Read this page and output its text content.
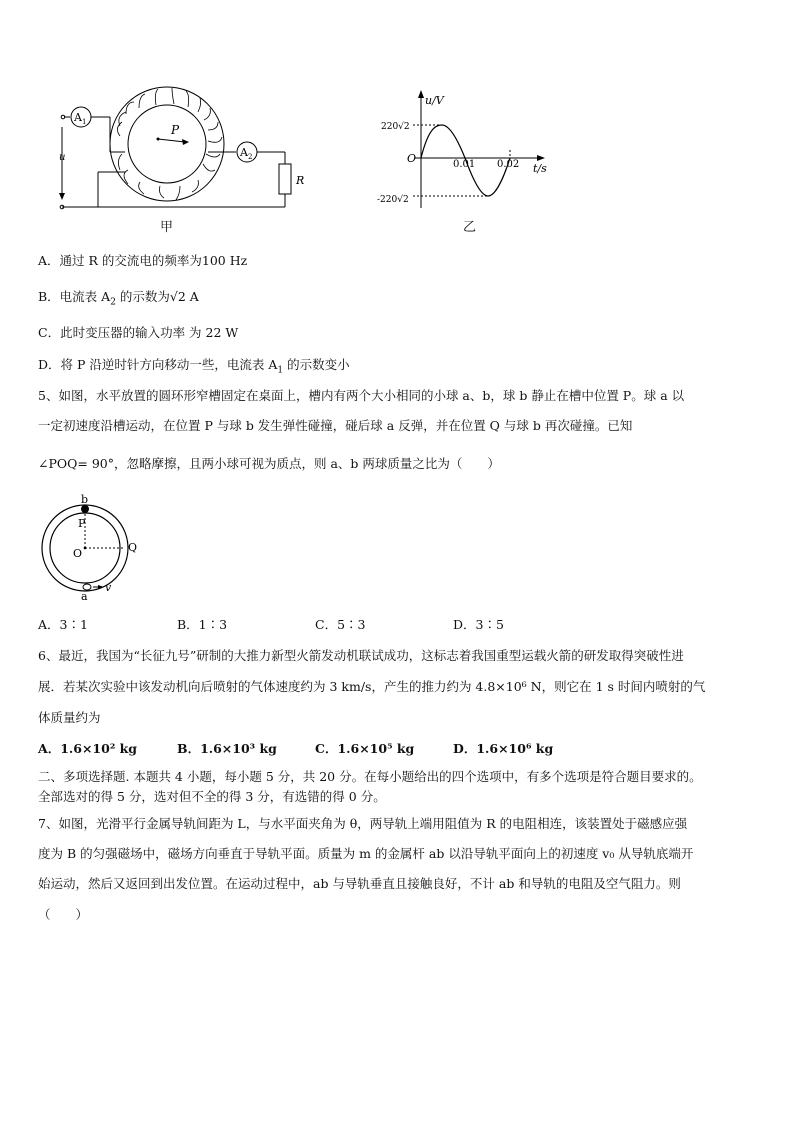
$A_1$
u
P
$A_2$
R
甲
u/V
t/s
O
220√2
-220√2
0.01 0.02
乙
A．通过 R 的交流电的频率为100 Hz
B．电流表 $A_2$ 的示数为√2 A
C．此时变压器的输入功率 为 22 W
D．将 P 沿逆时针方向移动一些，电流表 $A_1$ 的示数变小
5、如图，水平放置的圆环形窄槽固定在桌面上，槽内有两个大小相同的小球 a、b，球 b 静止在槽中位置 P。球 a 以
一定初速度沿槽运动，在位置 P 与球 b 发生弹性碰撞，碰后球 a 反弹，并在位置 Q 与球 b 再次碰撞。已知
∠POQ= 90°，忽略摩擦，且两小球可视为质点，则 a、b 两球质量之比为（　　）
b
P
O	Q
v
a
A．3∶1	B．1∶3	C．5∶3	D．3∶5
6、最近，我国为“长征九号”研制的大推力新型火箭发动机联试成功，这标志着我国重型运载火箭的研发取得突破性进
展．若某次实验中该发动机向后喷射的气体速度约为 3 km/s，产生的推力约为 4.8×10⁶ N，则它在 1 s 时间内喷射的气
体质量约为
A．1.6×10² kg	B．1.6×10³ kg	C．1.6×10⁵ kg	D．1.6×10⁶ kg
二、多项选择题. 本题共 4 小题，每小题 5 分，共 20 分。在每小题给出的四个选项中，有多个选项是符合题目要求的。
全部选对的得 5 分，选对但不全的得 3 分，有选错的得 0 分。
7、如图，光滑平行金属导轨间距为 L，与水平面夹角为 θ，两导轨上端用阻值为 R 的电阻相连，该装置处于磁感应强
度为 B 的匀强磁场中，磁场方向垂直于导轨平面。质量为 m 的金属杆 ab 以沿导轨平面向上的初速度 v₀ 从导轨底端开
始运动，然后又返回到出发位置。在运动过程中，ab 与导轨垂直且接触良好，不计 ab 和导轨的电阻及空气阻力。则
（　　）
